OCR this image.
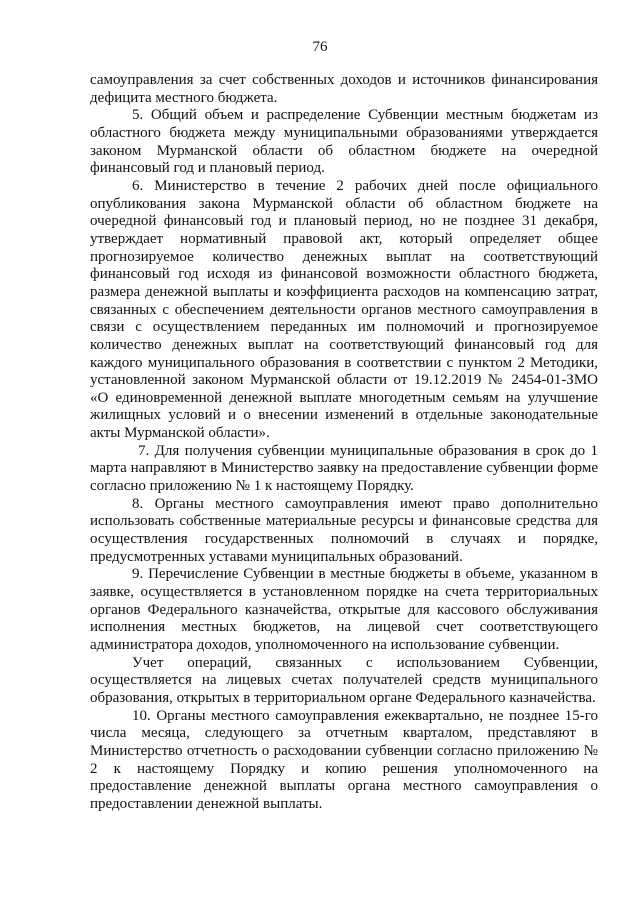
76

самоуправления за счет собственных доходов и источников финансирования дефицита местного бюджета.

5. Общий объем и распределение Субвенции местным бюджетам из областного бюджета между муниципальными образованиями утверждается законом Мурманской области об областном бюджете на очередной финансовый год и плановый период.

6. Министерство в течение 2 рабочих дней после официального опубликования закона Мурманской области об областном бюджете на очередной финансовый год и плановый период, но не позднее 31 декабря, утверждает нормативный правовой акт, который определяет общее прогнозируемое количество денежных выплат на соответствующий финансовый год исходя из финансовой возможности областного бюджета, размера денежной выплаты и коэффициента расходов на компенсацию затрат, связанных с обеспечением деятельности органов местного самоуправления в связи с осуществлением переданных им полномочий и прогнозируемое количество денежных выплат на соответствующий финансовый год для каждого муниципального образования в соответствии с пунктом 2 Методики, установленной законом Мурманской области от 19.12.2019 № 2454-01-ЗМО «О единовременной денежной выплате многодетным семьям на улучшение жилищных условий и о внесении изменений в отдельные законодательные акты Мурманской области».

7. Для получения субвенции муниципальные образования в срок до 1 марта направляют в Министерство заявку на предоставление субвенции форме согласно приложению № 1 к настоящему Порядку.

8. Органы местного самоуправления имеют право дополнительно использовать собственные материальные ресурсы и финансовые средства для осуществления государственных полномочий в случаях и порядке, предусмотренных уставами муниципальных образований.

9. Перечисление Субвенции в местные бюджеты в объеме, указанном в заявке, осуществляется в установленном порядке на счета территориальных органов Федерального казначейства, открытые для кассового обслуживания исполнения местных бюджетов, на лицевой счет соответствующего администратора доходов, уполномоченного на использование субвенции.

Учет операций, связанных с использованием Субвенции, осуществляется на лицевых счетах получателей средств муниципального образования, открытых в территориальном органе Федерального казначейства.

10. Органы местного самоуправления ежеквартально, не позднее 15-го числа месяца, следующего за отчетным кварталом, представляют в Министерство отчетность о расходовании субвенции согласно приложению № 2 к настоящему Порядку и копию решения уполномоченного на предоставление денежной выплаты органа местного самоуправления о предоставлении денежной выплаты.
